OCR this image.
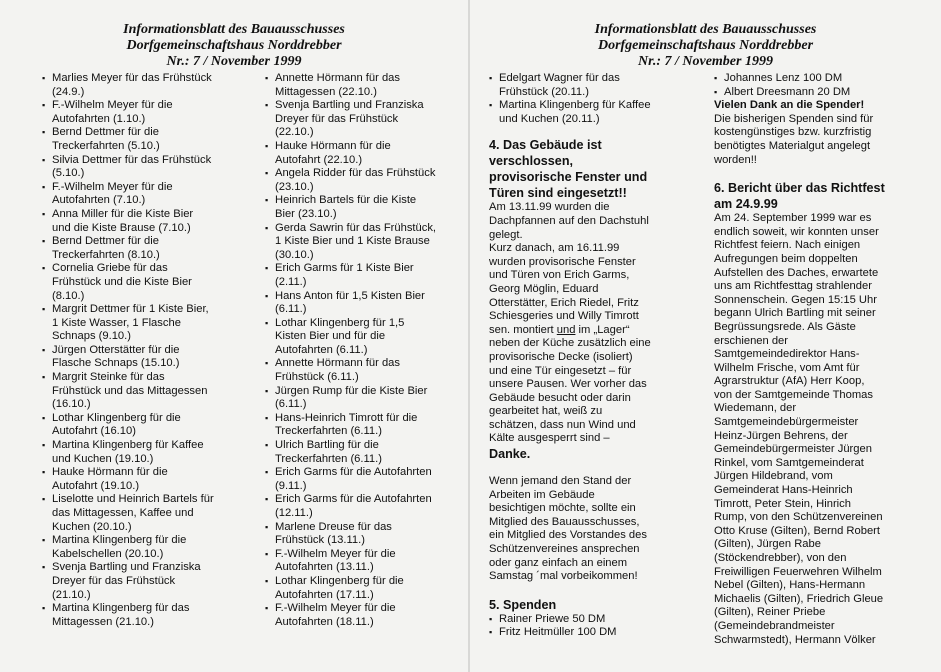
Informationsblatt des Bauausschusses
Dorfgemeinschaftshaus Norddrebber
Nr.: 7 / November 1999
▪ Marlies Meyer für das Frühstück
(24.9.)
▪ F.-Wilhelm Meyer für die
Autofahrten (1.10.)
▪ Bernd Dettmer für die
Treckerfahrten (5.10.)
▪ Silvia Dettmer für das Frühstück
(5.10.)
▪ F.-Wilhelm Meyer für die
Autofahrten (7.10.)
▪ Anna Miller für die Kiste Bier
und die Kiste Brause (7.10.)
▪ Bernd Dettmer für die
Treckerfahrten (8.10.)
▪ Cornelia Griebe für das
Frühstück und die Kiste Bier
(8.10.)
▪ Margrit Dettmer für 1 Kiste Bier,
1 Kiste Wasser, 1 Flasche
Schnaps (9.10.)
▪ Jürgen Otterstätter für die
Flasche Schnaps (15.10.)
▪ Margrit Steinke für das
Frühstück und das Mittagessen
(16.10.)
▪ Lothar Klingenberg für die
Autofahrt (16.10)
▪ Martina Klingenberg für Kaffee
und Kuchen (19.10.)
▪ Hauke Hörmann für die
Autofahrt (19.10.)
▪ Liselotte und Heinrich Bartels für
das Mittagessen, Kaffee und
Kuchen (20.10.)
▪ Martina Klingenberg für die
Kabelschellen (20.10.)
▪ Svenja Bartling und Franziska
Dreyer für das Frühstück
(21.10.)
▪ Martina Klingenberg für das
Mittagessen (21.10.)
▪ Annette Hörmann für das
Mittagessen (22.10.)
▪ Svenja Bartling und Franziska
Dreyer für das Frühstück
(22.10.)
▪ Hauke Hörmann für die
Autofahrt (22.10.)
▪ Angela Ridder für das Frühstück
(23.10.)
▪ Heinrich Bartels für die Kiste
Bier (23.10.)
▪ Gerda Sawrin für das Frühstück,
1 Kiste Bier und 1 Kiste Brause
(30.10.)
▪ Erich Garms für 1 Kiste Bier
(2.11.)
▪ Hans Anton für 1,5 Kisten Bier
(6.11.)
▪ Lothar Klingenberg für 1,5
Kisten Bier und für die
Autofahrten (6.11.)
▪ Annette Hörmann für das
Frühstück (6.11.)
▪ Jürgen Rump für die Kiste Bier
(6.11.)
▪ Hans-Heinrich Timrott für die
Treckerfahrten (6.11.)
▪ Ulrich Bartling für die
Treckerfahrten (6.11.)
▪ Erich Garms für die Autofahrten
(9.11.)
▪ Erich Garms für die Autofahrten
(12.11.)
▪ Marlene Dreuse für das
Frühstück (13.11.)
▪ F.-Wilhelm Meyer für die
Autofahrten (13.11.)
▪ Lothar Klingenberg für die
Autofahrten (17.11.)
▪ F.-Wilhelm Meyer für die
Autofahrten (18.11.)
Informationsblatt des Bauausschusses
Dorfgemeinschaftshaus Norddrebber
Nr.: 7 / November 1999
▪ Edelgart Wagner für das
Frühstück (20.11.)
▪ Martina Klingenberg für Kaffee
und Kuchen (20.11.)
4. Das Gebäude ist
verschlossen,
provisorische Fenster und
Türen sind eingesetzt!!

Am 13.11.99 wurden die
Dachpfannen auf den Dachstuhl
gelegt.

Kurz danach, am 16.11.99
wurden provisorische Fenster
und Türen von Erich Garms,
Georg Möglin, Eduard
Otterstätter, Erich Riedel, Fritz
Schiesgeries und Willy Timrott
sen. montiert und im „Lager“
neben der Küche zusätzlich eine
provisorische Decke (isoliert)
und eine Tür eingesetzt – für
unsere Pausen. Wer vorher das
Gebäude besucht oder darin
gearbeitet hat, weiß zu
schätzen, dass nun Wind und
Kälte ausgesperrt sind –

Danke.

Wenn jemand den Stand der
Arbeiten im Gebäude
besichtigen möchte, sollte ein
Mitglied des Bauausschusses,
ein Mitglied des Vorstandes des
Schützenvereines ansprechen
oder ganz einfach an einem
Samstag ´mal vorbeikommen!

5. Spenden
▪ Rainer Priewe 50 DM
▪ Fritz Heitmüller 100 DM
▪ Johannes Lenz 100 DM
▪ Albert Dreesmann 20 DM

Vielen Dank an die Spender!

Die bisherigen Spenden sind für
kostengünstiges bzw. kurzfristig
benötigtes Materialgut angelegt
worden!!

6. Bericht über das Richtfest
am 24.9.99

Am 24. September 1999 war es
endlich soweit, wir konnten unser
Richtfest feiern. Nach einigen
Aufregungen beim doppelten
Aufstellen des Daches, erwartete
uns am Richtfesttag strahlender
Sonnenschein. Gegen 15:15 Uhr
begann Ulrich Bartling mit seiner
Begrüssungsrede. Als Gäste
erschienen der
Samtgemeindedirektor Hans-
Wilhelm Frische, vom Amt für
Agrarstruktur (AfA) Herr Koop,
von der Samtgemeinde Thomas
Wiedemann, der
Samtgemeindebürgermeister
Heinz-Jürgen Behrens, der
Gemeindebürgermeister Jürgen
Rinkel, vom Samtgemeinderat
Jürgen Hildebrand, vom
Gemeinderat Hans-Heinrich
Timrott, Peter Stein, Hinrich
Rump, von den Schützenvereinen
Otto Kruse (Gilten), Bernd Robert
(Gilten), Jürgen Rabe
(Stöckendrebber), von den
Freiwilligen Feuerwehren Wilhelm
Nebel (Gilten), Hans-Hermann
Michaelis (Gilten), Friedrich Gleue
(Gilten), Reiner Priebe
(Gemeindebrandmeister
Schwarmstedt), Hermann Völker
